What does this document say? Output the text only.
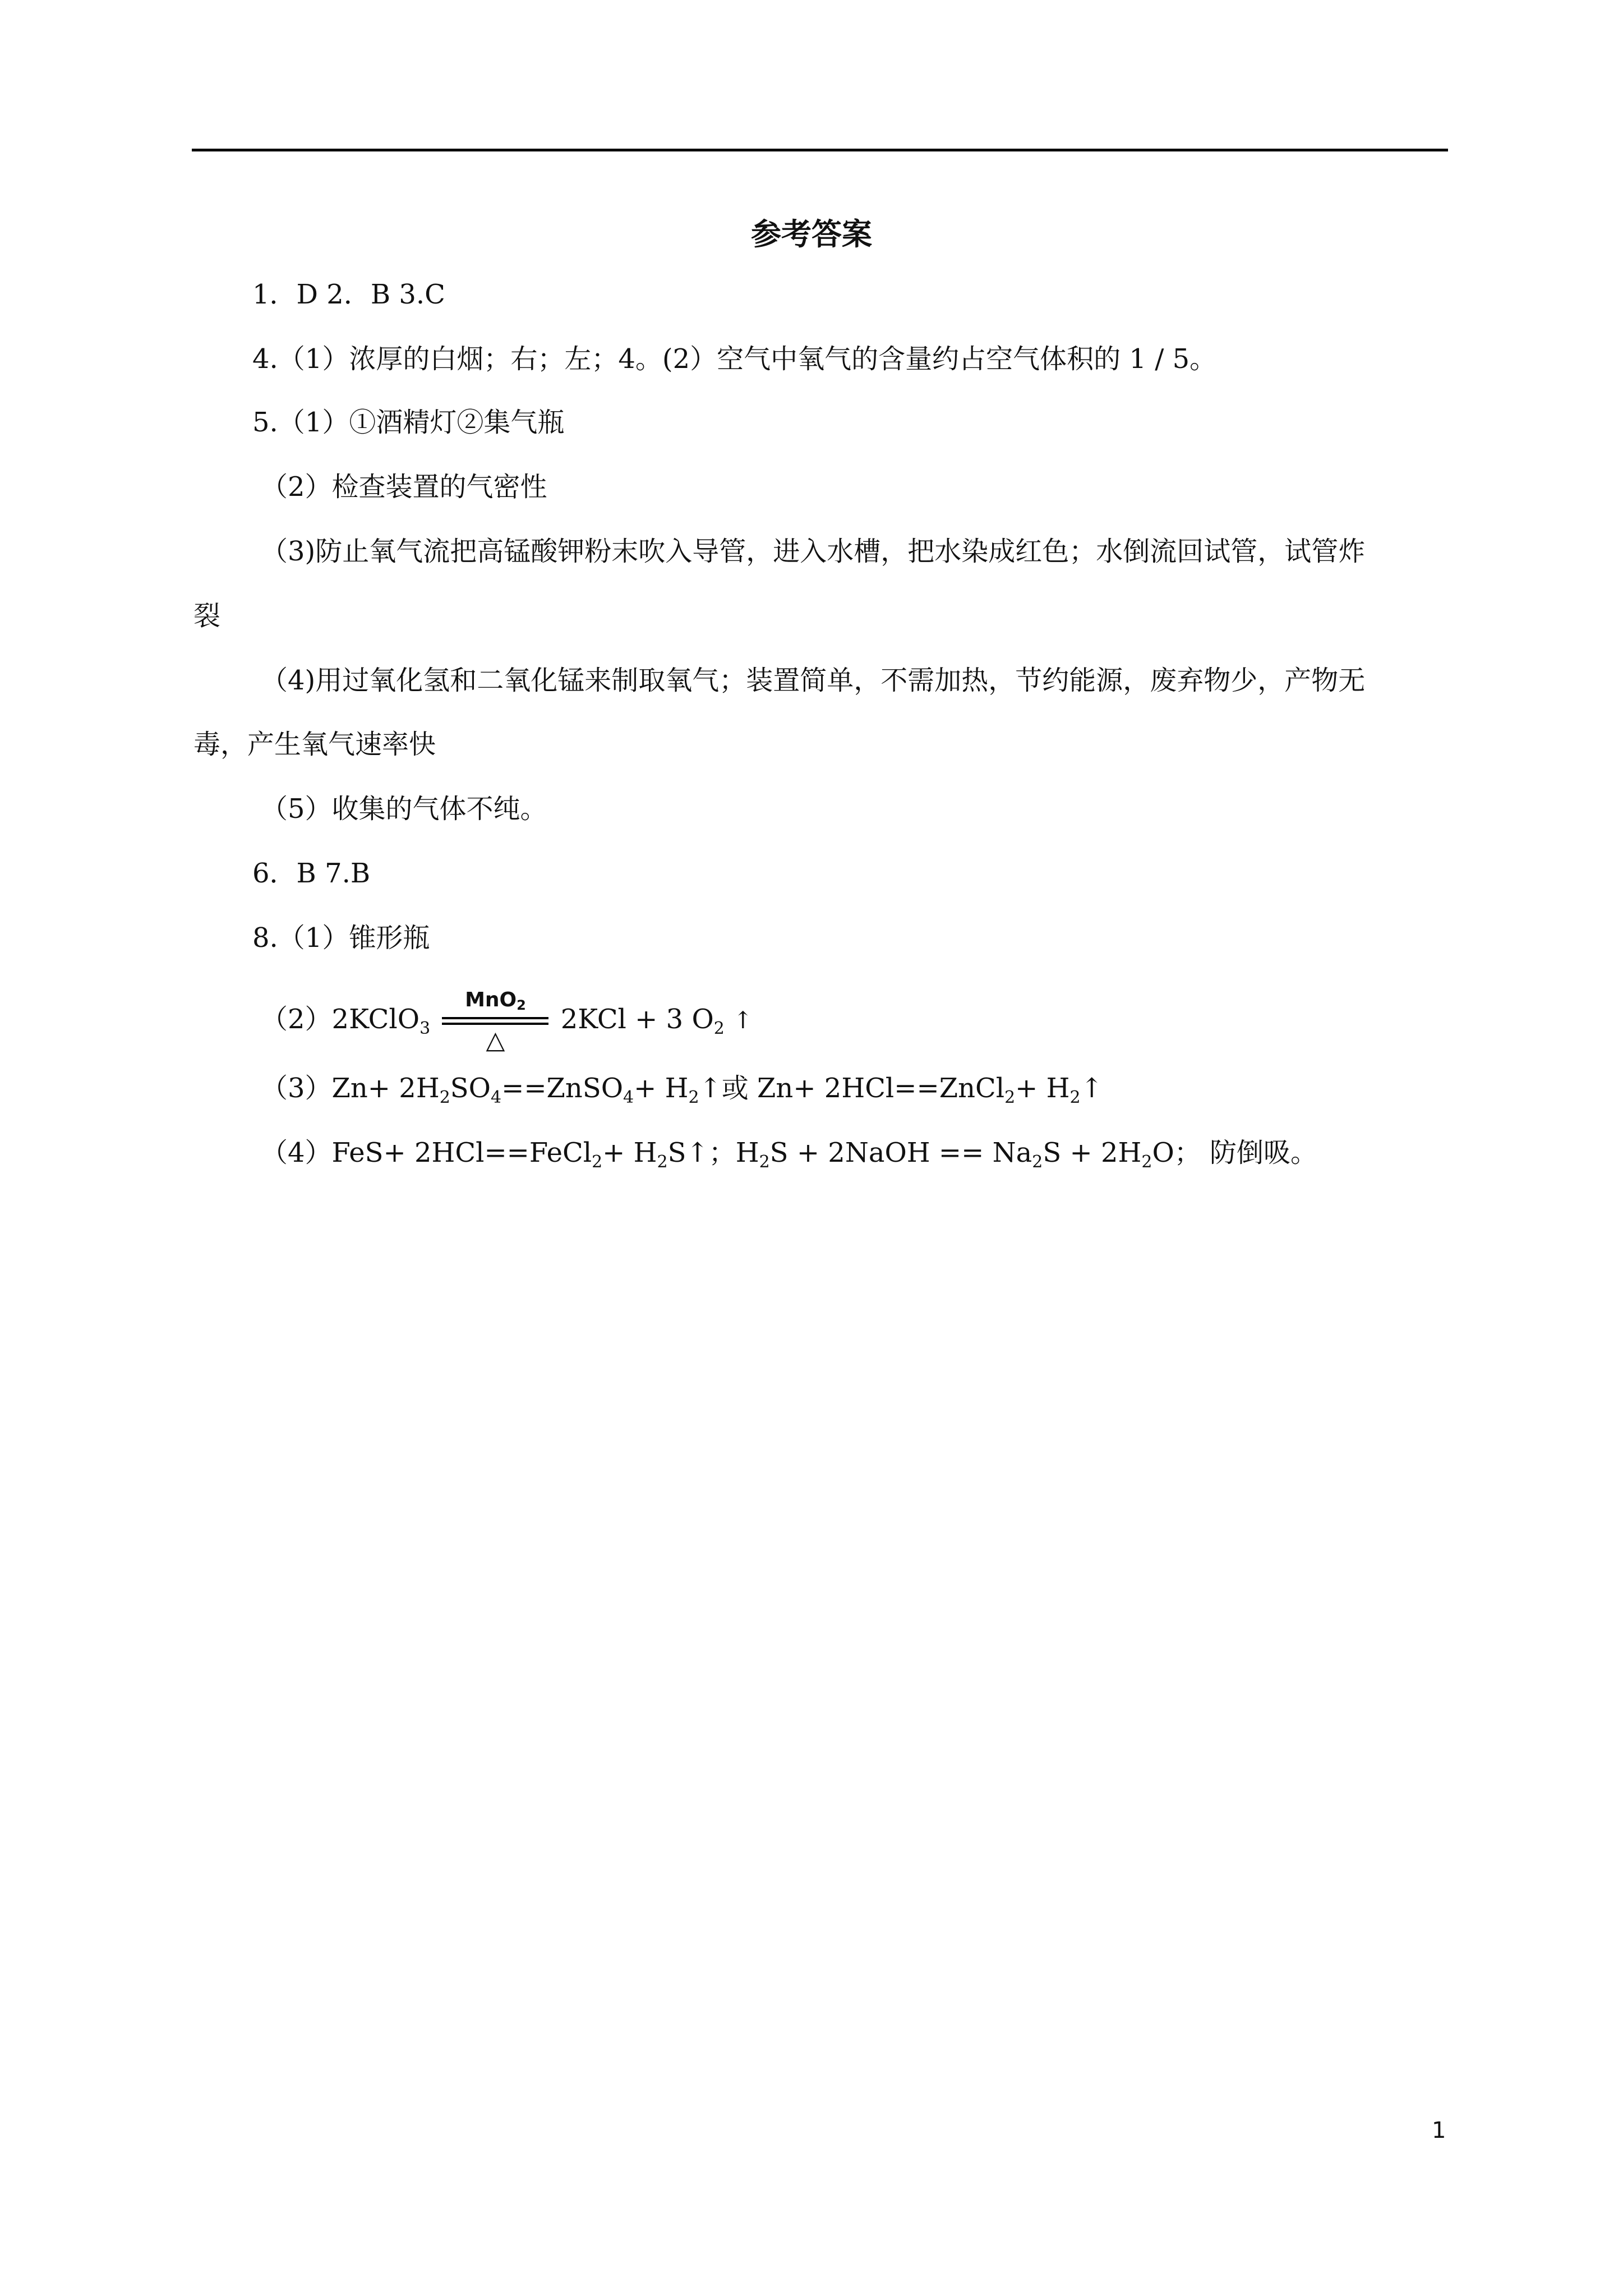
参考答案
1．D 2．B 3.C
4.（1）浓厚的白烟；右；左；4。(2）空气中氧气的含量约占空气体积的 1 / 5。
5.（1）①酒精灯②集气瓶
（2）检查装置的气密性
（3)防止氧气流把高锰酸钾粉末吹入导管，进入水槽，把水染成红色；水倒流回试管，试管炸
裂
（4)用过氧化氢和二氧化锰来制取氧气；装置简单，不需加热，节约能源，废弃物少，产物无
毒，产生氧气速率快
（5）收集的气体不纯。
6．B 7.B
8.（1）锥形瓶
（2）2KClO$_3$
MnO$_2$
△
2KCl + 3 $O_2$ ↑
$(3)Zn+ 2H_2SO_4==ZnSO_4+$ $H_2↑$或 Zn+ 2HCl==ZnCl$_2$+ $H_2↑$
（4）FeS+ 2HCl==FeCl$_2$+ $H_2S↑$；$H_2S$ + 2NaOH == $Na_2S + 2H_2O$； 防倒吸。
1
